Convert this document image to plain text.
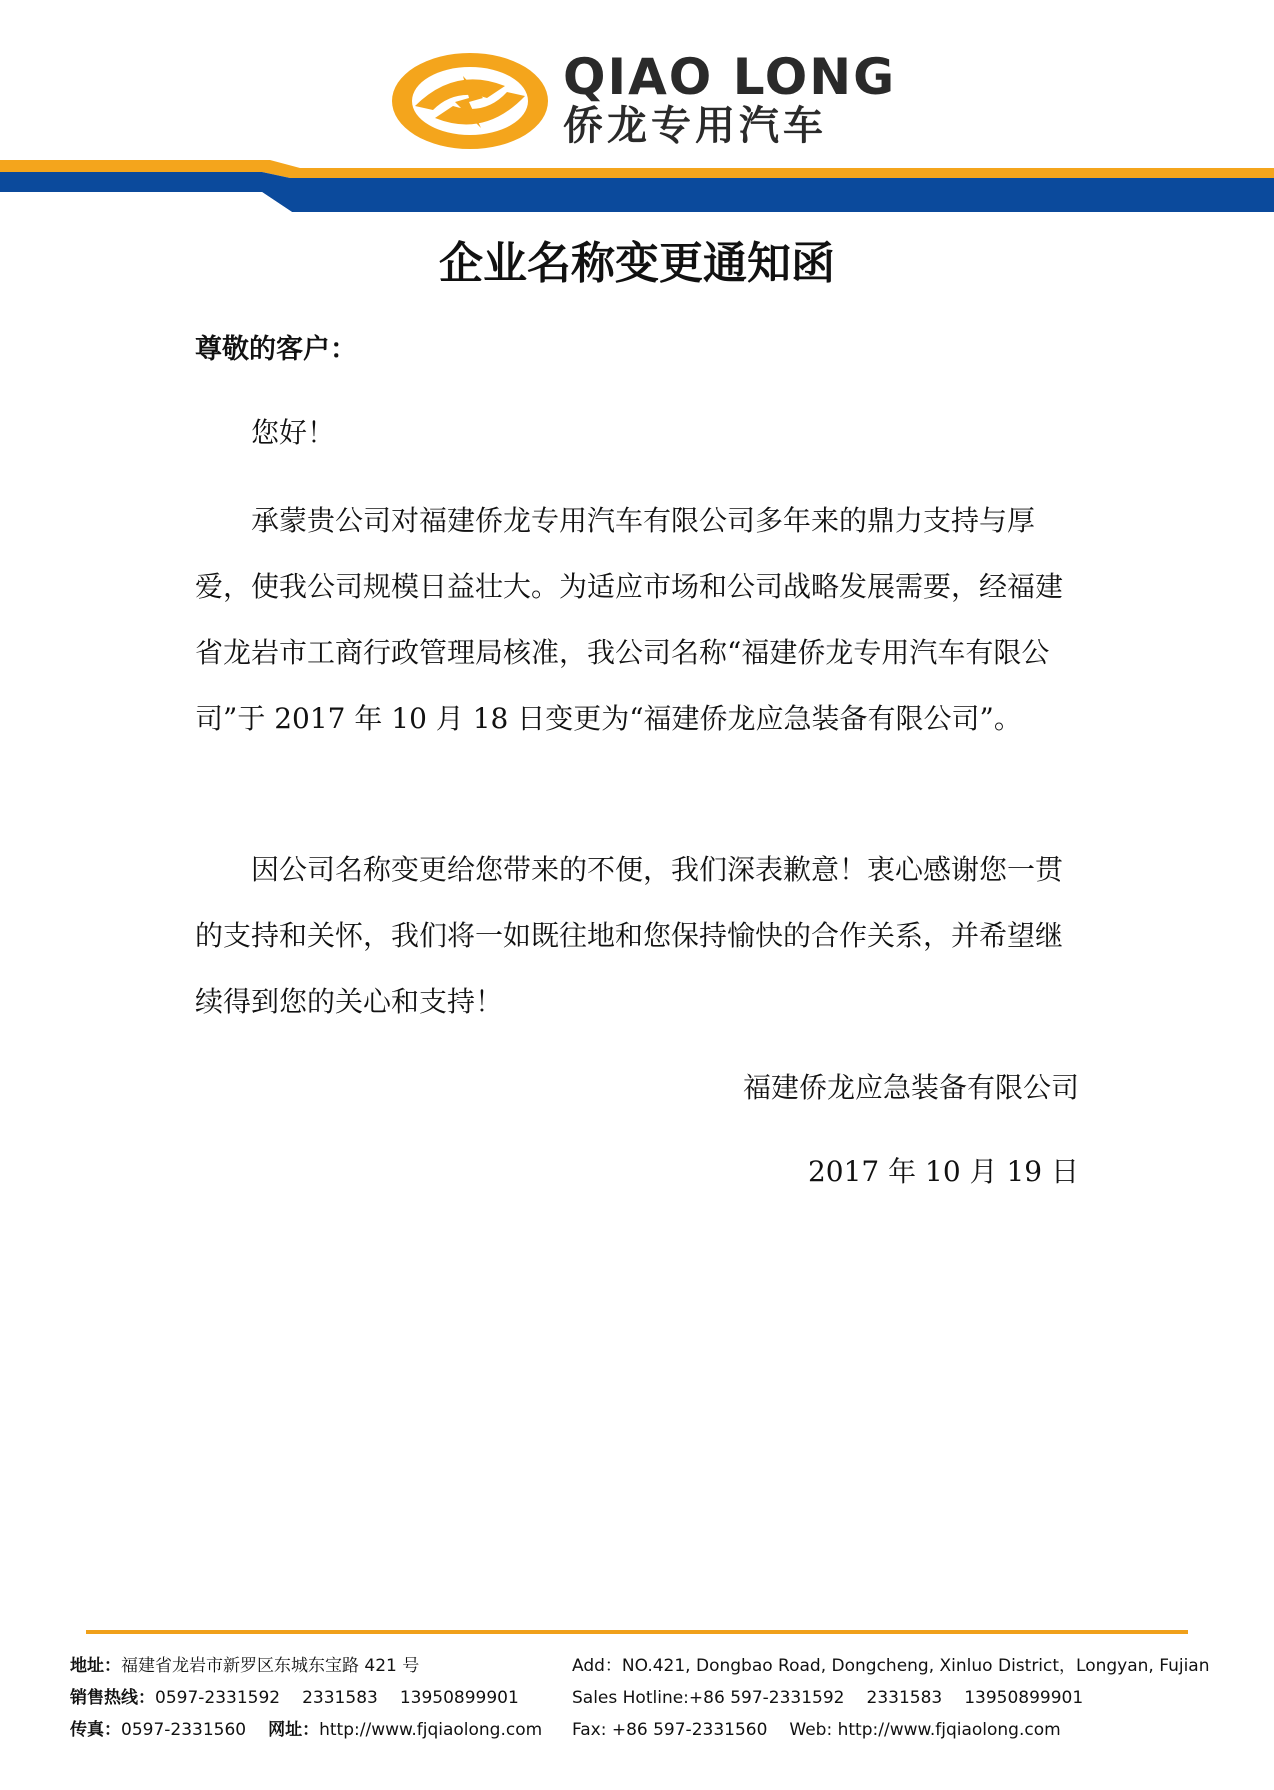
QIAO LONG
侨龙专用汽车
企业名称变更通知函

尊敬的客户：

您好！

承蒙贵公司对福建侨龙专用汽车有限公司多年来的鼎力支持与厚爱，使我公司规模日益壮大。为适应市场和公司战略发展需要，经福建省龙岩市工商行政管理局核准，我公司名称“福建侨龙专用汽车有限公司”于 2017 年 10 月 18 日变更为“福建侨龙应急装备有限公司”。

因公司名称变更给您带来的不便，我们深表歉意！衷心感谢您一贯的支持和关怀，我们将一如既往地和您保持愉快的合作关系，并希望继续得到您的关心和支持！

福建侨龙应急装备有限公司

2017 年 10 月 19 日

地址：福建省龙岩市新罗区东城东宝路 421 号
销售热线：0597-2331592 2331583 13950899901
传真：0597-2331560 网址：http://www.fjqiaolong.com
Add：NO.421, Dongbao Road, Dongcheng, Xinluo District，Longyan, Fujian
Sales Hotline:+86 597-2331592 2331583 13950899901
Fax: +86 597-2331560 Web: http://www.fjqiaolong.com
